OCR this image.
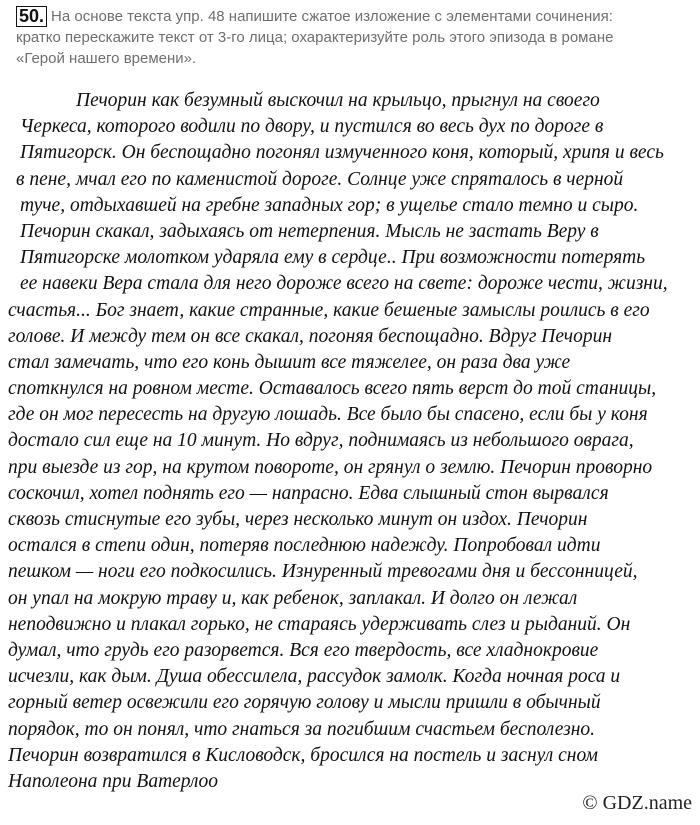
50. На основе текста упр. 48 напишите сжатое изложение с элементами сочинения:
кратко перескажите текст от 3-го лица; охарактеризуйте роль этого эпизода в романе
«Герой нашего времени».
Печорин как безумный выскочил на крыльцо, прыгнул на своего
Черкеса, которого водили по двору, и пустился во весь дух по дороге в
Пятигорск. Он беспощадно погонял измученного коня, который, хрипя и весь
в пене, мчал его по каменистой дороге. Солнце уже спряталось в черной
туче, отдыхавшей на гребне западных гор; в ущелье стало темно и сыро.
Печорин скакал, задыхаясь от нетерпения. Мысль не застать Веру в
Пятигорске молотком ударяла ему в сердце.. При возможности потерять
ее навеки Вера стала для него дороже всего на свете: дороже чести, жизни,
счастья... Бог знает, какие странные, какие бешеные замыслы роились в его
голове. И между тем он все скакал, погоняя беспощадно. Вдруг Печорин
стал замечать, что его конь дышит все тяжелее, он раза два уже
споткнулся на ровном месте. Оставалось всего пять верст до той станицы,
где он мог пересесть на другую лошадь. Все было бы спасено, если бы у коня
достало сил еще на 10 минут. Но вдруг, поднимаясь из небольшого оврага,
при выезде из гор, на крутом повороте, он грянул о землю. Печорин проворно
соскочил, хотел поднять его — напрасно. Едва слышный стон вырвался
сквозь стиснутые его зубы, через несколько минут он издох. Печорин
остался в степи один, потеряв последнюю надежду. Попробовал идти
пешком — ноги его подкосились. Изнуренный тревогами дня и бессонницей,
он упал на мокрую траву и, как ребенок, заплакал. И долго он лежал
неподвижно и плакал горько, не стараясь удерживать слез и рыданий. Он
думал, что грудь его разорвется. Вся его твердость, все хладнокровие
исчезли, как дым. Душа обессилела, рассудок замолк. Когда ночная роса и
горный ветер освежили его горячую голову и мысли пришли в обычный
порядок, то он понял, что гнаться за погибшим счастьем бесполезно.
Печорин возвратился в Кисловодск, бросился на постель и заснул сном
Наполеона при Ватерлоо
© GDZ.name
